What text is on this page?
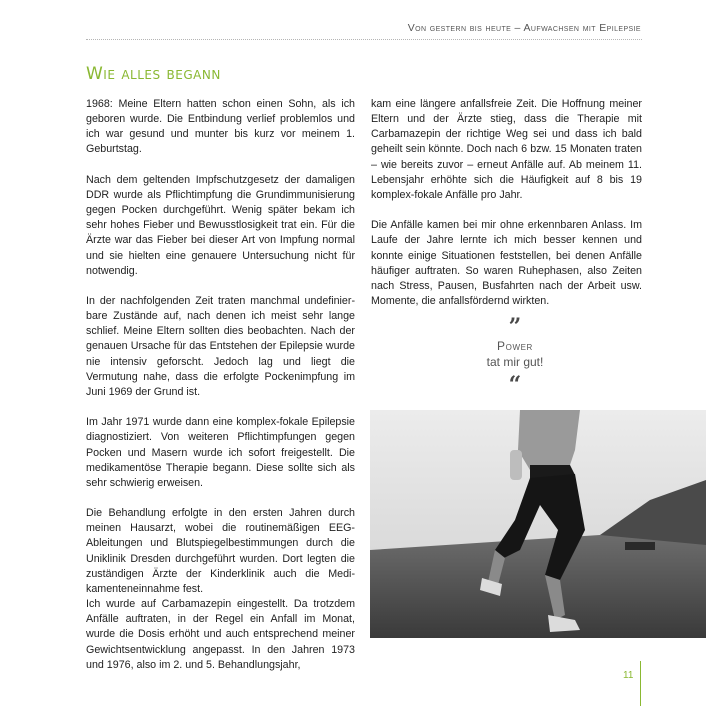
Von gestern bis heute – Aufwachsen mit Epilepsie
Wie alles begann

1968: Meine Eltern hatten schon einen Sohn, als ich geboren wurde. Die Entbindung verlief problemlos und ich war gesund und munter bis kurz vor meinem 1. Geburtstag.

Nach dem geltenden Impfschutzgesetz der damaligen DDR wurde als Pflichtimpfung die Grundimmunisierung gegen Pocken durchgeführt. Wenig später bekam ich sehr hohes Fieber und Bewusstlosigkeit trat ein. Für die Ärzte war das Fieber bei dieser Art von Impfung normal und sie hielten eine genauere Untersuchung nicht für notwendig.

In der nachfolgenden Zeit traten manchmal undefinierbare Zustände auf, nach denen ich meist sehr lange schlief. Meine Eltern sollten dies beobachten. Nach der genauen Ursache für das Entstehen der Epilepsie wurde nie intensiv geforscht. Jedoch lag und liegt die Vermutung nahe, dass die erfolgte Pockenimpfung im Juni 1969 der Grund ist.

Im Jahr 1971 wurde dann eine komplex-fokale Epilepsie diagnostiziert. Von weiteren Pflichtimpfungen gegen Pocken und Masern wurde ich sofort freigestellt. Die medikamentöse Therapie begann. Diese sollte sich als sehr schwierig erweisen.

Die Behandlung erfolgte in den ersten Jahren durch meinen Hausarzt, wobei die routinemäßigen EEG-Ableitungen und Blutspiegelbestimmungen durch die Uniklinik Dresden durchgeführt wurden. Dort legten die zuständigen Ärzte der Kinderklinik auch die Medikamenteneinnahme fest.

Ich wurde auf Carbamazepin eingestellt. Da trotzdem Anfälle auftraten, in der Regel ein Anfall im Monat, wurde die Dosis erhöht und auch entsprechend meiner Gewichtsentwicklung angepasst. In den Jahren 1973 und 1976, also im 2. und 5. Behandlungsjahr,

kam eine längere anfallsfreie Zeit. Die Hoffnung meiner Eltern und der Ärzte stieg, dass die Therapie mit Carbamazepin der richtige Weg sei und dass ich bald geheilt sein könnte. Doch nach 6 bzw. 15 Monaten traten – wie bereits zuvor – erneut Anfälle auf. Ab meinem 11. Lebensjahr erhöhte sich die Häufigkeit auf 8 bis 19 komplex-fokale Anfälle pro Jahr.

Die Anfälle kamen bei mir ohne erkennbaren Anlass. Im Laufe der Jahre lernte ich mich besser kennen und konnte einige Situationen feststellen, bei denen Anfälle häufiger auftraten. So waren Ruhephasen, also Zeiten nach Stress, Pausen, Busfahrten nach der Arbeit usw. Momente, die anfallsfördernd wirkten.

”
Power
tat mir gut!
“
11
